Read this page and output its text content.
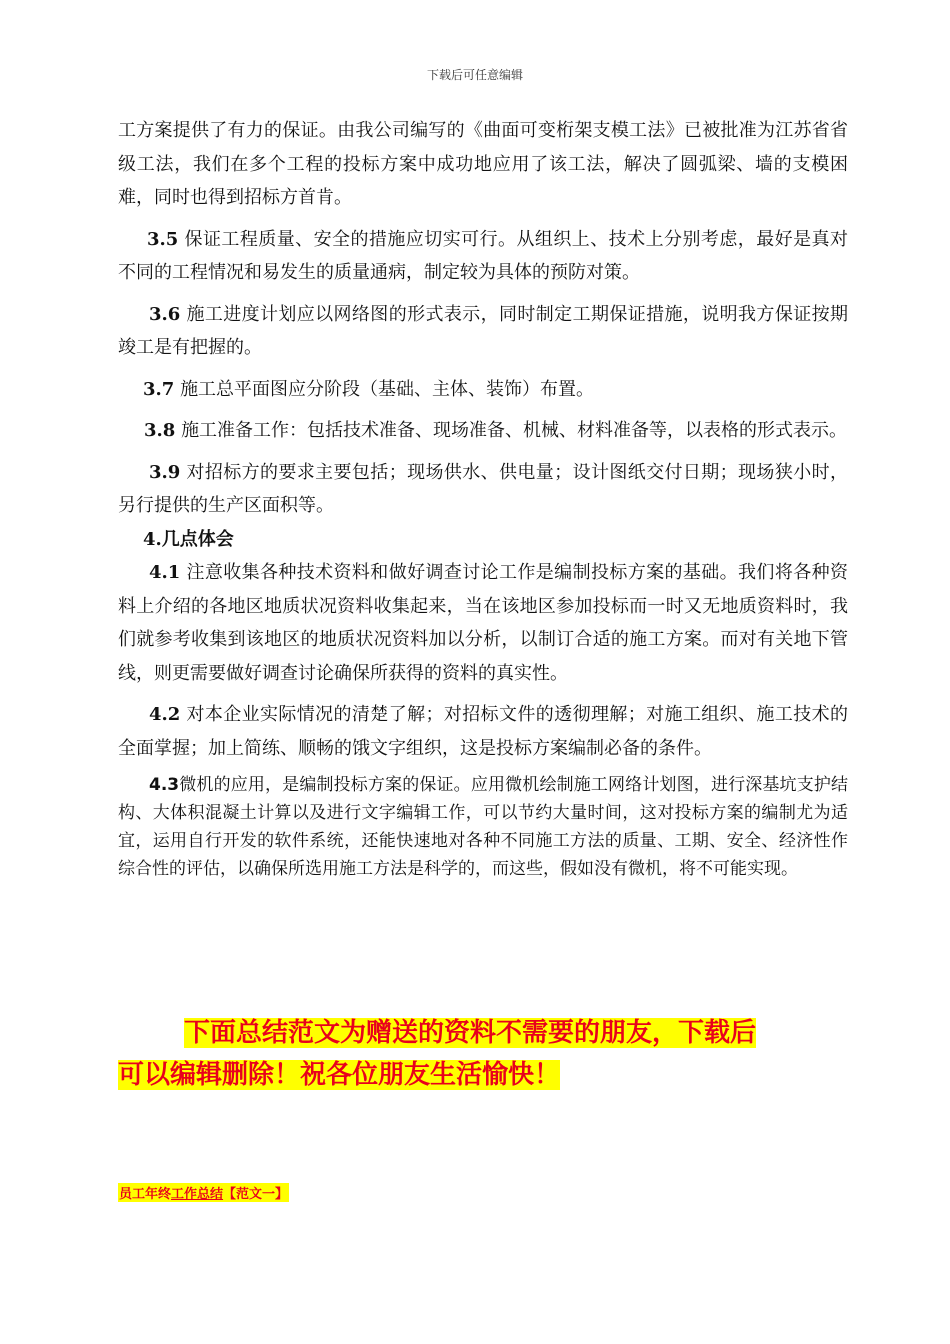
下载后可任意编辑

工方案提供了有力的保证。由我公司编写的《曲面可变桁架支模工法》已被批准为江苏省省级工法，我们在多个工程的投标方案中成功地应用了该工法，解决了圆弧梁、墙的支模困难，同时也得到招标方首肯。

3.5 保证工程质量、安全的措施应切实可行。从组织上、技术上分别考虑，最好是真对不同的工程情况和易发生的质量通病，制定较为具体的预防对策。

3.6 施工进度计划应以网络图的形式表示，同时制定工期保证措施，说明我方保证按期竣工是有把握的。

3.7 施工总平面图应分阶段（基础、主体、装饰）布置。

3.8 施工准备工作：包括技术准备、现场准备、机械、材料准备等，以表格的形式表示。

3.9 对招标方的要求主要包括；现场供水、供电量；设计图纸交付日期；现场狭小时，另行提供的生产区面积等。

4.几点体会

4.1 注意收集各种技术资料和做好调查讨论工作是编制投标方案的基础。我们将各种资料上介绍的各地区地质状况资料收集起来，当在该地区参加投标而一时又无地质资料时，我们就参考收集到该地区的地质状况资料加以分析，以制订合适的施工方案。而对有关地下管线，则更需要做好调查讨论确保所获得的资料的真实性。

4.2 对本企业实际情况的清楚了解；对招标文件的透彻理解；对施工组织、施工技术的全面掌握；加上简练、顺畅的饿文字组织，这是投标方案编制必备的条件。

4.3微机的应用，是编制投标方案的保证。应用微机绘制施工网络计划图，进行深基坑支护结构、大体积混凝土计算以及进行文字编辑工作，可以节约大量时间，这对投标方案的编制尤为适宜，运用自行开发的软件系统，还能快速地对各种不同施工方法的质量、工期、安全、经济性作综合性的评估，以确保所选用施工方法是科学的，而这些，假如没有微机，将不可能实现。

下面总结范文为赠送的资料不需要的朋友，下载后
可以编辑删除！祝各位朋友生活愉快！
员工年终工作总结【范文一】
